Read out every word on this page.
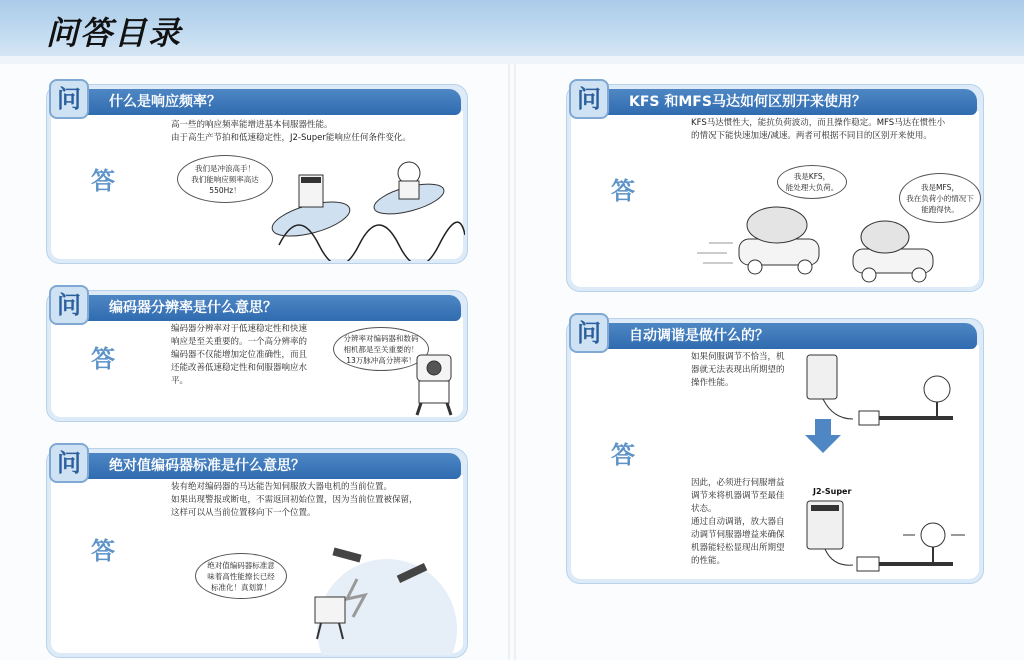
问答目录
问	什么是响应频率？
答
高一些的响应频率能增进基本伺服器性能。
由于高生产节拍和低速稳定性，J2-Super能响应任何条件变化。
我们是冲浪高手！
我们能响应频率高达
550Hz！
问	编码器分辨率是什么意思？
答
编码器分辨率对于低速稳定性和快速
响应是至关重要的。一个高分辨率的
编码器不仅能增加定位准确性，而且
还能改善低速稳定性和伺服器响应水
平。
分辨率对编码器和数码
相机都是至关重要的！
13万脉冲高分辨率！
问	绝对值编码器标准是什么意思？
答
装有绝对编码器的马达能告知伺服放大器电机的当前位置。
如果出现警报或断电，不需返回初始位置，因为当前位置被保留，
这样可以从当前位置移向下一个位置。
绝对值编码器标准意
味着高性能擦长已经
标准化！真划算！
问	KFS 和MFS马达如何区别开来使用？
答
KFS马达惯性大，能抗负荷波动，而且操作稳定。MFS马达在惯性小
的情况下能快速加速/减速。两者可根据不同目的区别开来使用。
我是KFS，
能处理大负荷。	我是MFS，
我在负荷小的情况下
能跑得快。
问	自动调谐是做什么的？
答
如果伺服调节不恰当，机
器就无法表现出所期望的
操作性能。
因此，必须进行伺服增益
调节来将机器调节至最佳
状态。
通过自动调谐，放大器自
动调节伺服器增益来确保
机器能轻松显现出所期望
的性能。
J2-Super
